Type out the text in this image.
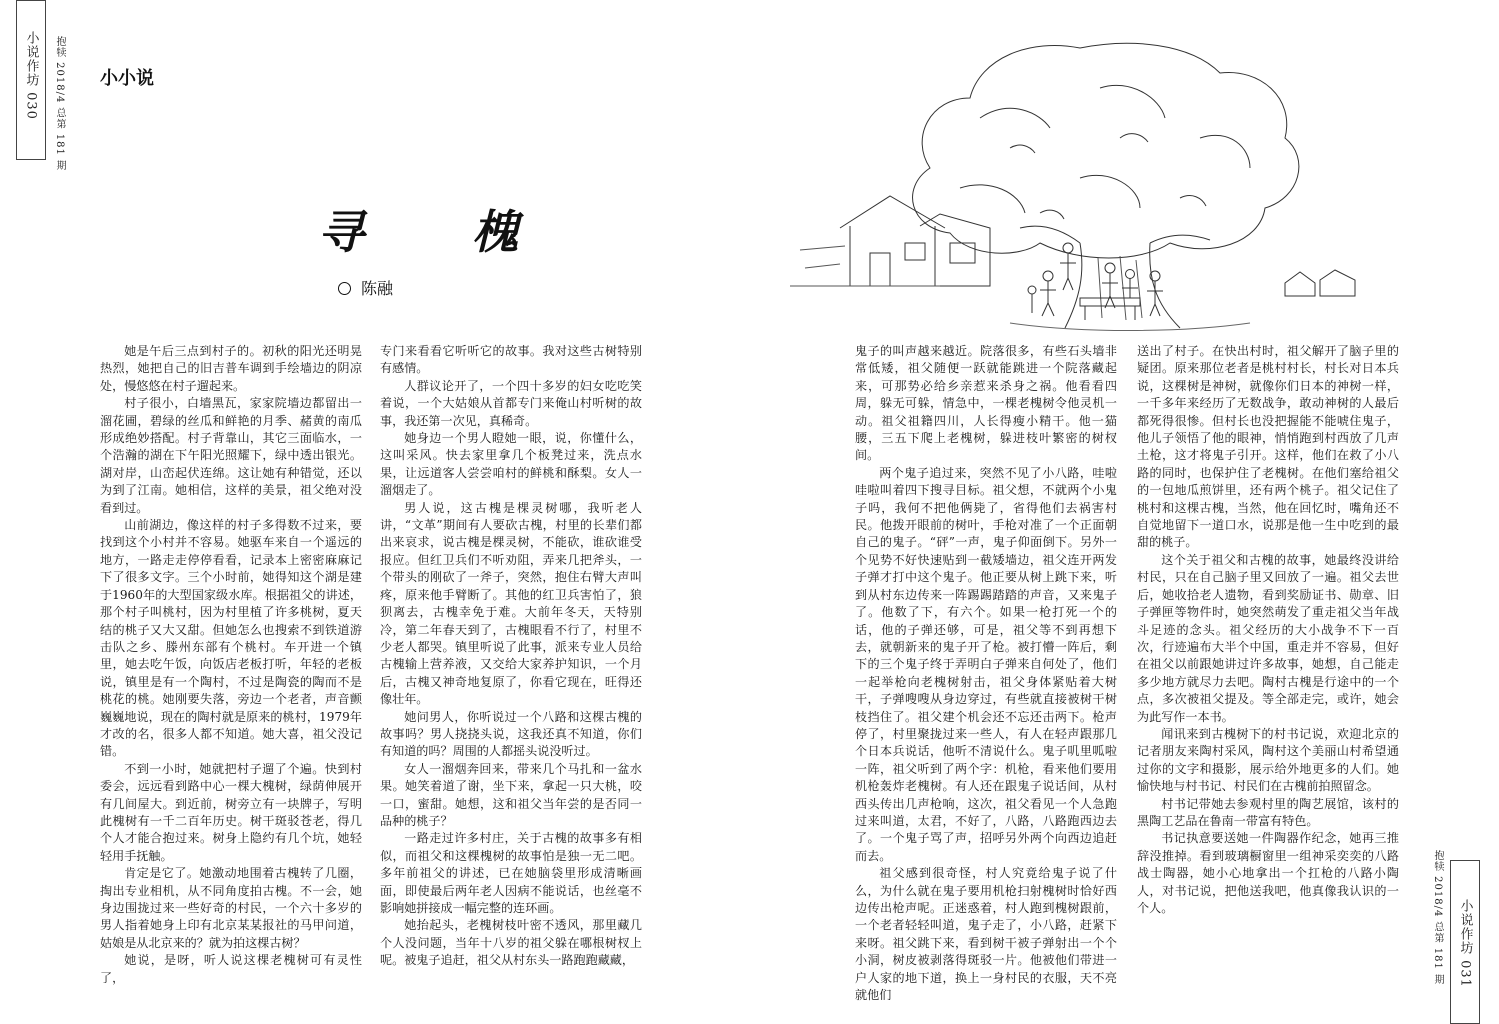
小说作坊 030 抱犊 2018/4 总第 181 期 小小说
寻 槐
陈融

她是午后三点到村子的。初秋的阳光还明晃热烈，她把自己的旧吉普车调到手绘墙边的阴凉处，慢悠悠在村子遛起来。

村子很小，白墙黑瓦，家家院墙边都留出一溜花圃，碧绿的丝瓜和鲜艳的月季、赭黄的南瓜形成绝妙搭配。村子背靠山，其它三面临水，一个浩瀚的湖在下午阳光照耀下，绿中透出银光。湖对岸，山峦起伏连绵。这让她有种错觉，还以为到了江南。她相信，这样的美景，祖父绝对没看到过。

山前湖边，像这样的村子多得数不过来，要找到这个小村并不容易。她驱车来自一个遥远的地方，一路走走停停看看，记录本上密密麻麻记下了很多文字。三个小时前，她得知这个湖是建于1960年的大型国家级水库。根据祖父的讲述，那个村子叫桃村，因为村里植了许多桃树，夏天结的桃子又大又甜。但她怎么也搜索不到铁道游击队之乡、滕州东部有个桃村。车开进一个镇里，她去吃午饭，向饭店老板打听，年轻的老板说，镇里是有一个陶村，不过是陶瓷的陶而不是桃花的桃。她刚要失落，旁边一个老者，声音颤巍巍地说，现在的陶村就是原来的桃村，1979年才改的名，很多人都不知道。她大喜，祖父没记错。

不到一小时，她就把村子遛了个遍。快到村委会，远远看到路中心一棵大槐树，绿荫伸展开有几间屋大。到近前，树旁立有一块牌子，写明此槐树有一千二百年历史。树干斑驳苍老，得几个人才能合抱过来。树身上隐约有几个坑，她轻轻用手抚触。

肯定是它了。她激动地围着古槐转了几圈，掏出专业相机，从不同角度拍古槐。不一会，她身边围拢过来一些好奇的村民，一个六十多岁的男人指着她身上印有北京某某报社的马甲问道，姑娘是从北京来的？就为拍这棵古树？

她说，是呀，听人说这棵老槐树可有灵性了，

专门来看看它听听它的故事。我对这些古树特别有感情。

人群议论开了，一个四十多岁的妇女吃吃笑着说，一个大姑娘从首都专门来俺山村听树的故事，我还第一次见，真稀奇。

她身边一个男人瞪她一眼，说，你懂什么，这叫采风。快去家里拿几个板凳过来，洗点水果，让远道客人尝尝咱村的鲜桃和酥梨。女人一溜烟走了。

男人说，这古槐是棵灵树哪，我听老人讲，“文革”期间有人要砍古槐，村里的长辈们都出来哀求，说古槐是棵灵树，不能砍，谁砍谁受报应。但红卫兵们不听劝阻，弄来几把斧头，一个带头的刚砍了一斧子，突然，抱住右臂大声叫疼，原来他手臂断了。其他的红卫兵害怕了，狼狈离去，古槐幸免于难。大前年冬天，天特别冷，第二年春天到了，古槐眼看不行了，村里不少老人都哭。镇里听说了此事，派来专业人员给古槐输上营养液，又交给大家养护知识，一个月后，古槐又神奇地复原了，你看它现在，旺得还像壮年。

她问男人，你听说过一个八路和这棵古槐的故事吗？男人挠挠头说，这我还真不知道，你们有知道的吗？周围的人都摇头说没听过。

女人一溜烟奔回来，带来几个马扎和一盆水果。她笑着道了谢，坐下来，拿起一只大桃，咬一口，蜜甜。她想，这和祖父当年尝的是否同一品种的桃子？

一路走过许多村庄，关于古槐的故事多有相似，而祖父和这棵槐树的故事怕是独一无二吧。多年前祖父的讲述，已在她脑袋里形成清晰画面，即使最后两年老人因病不能说话，也丝毫不影响她拼接成一幅完整的连环画。

她抬起头，老槐树枝叶密不透风，那里藏几个人没问题，当年十八岁的祖父躲在哪根树杈上呢。被鬼子追赶，祖父从村东头一路跑跑藏藏，

鬼子的叫声越来越近。院落很多，有些石头墙非常低矮，祖父随便一跃就能跳进一个院落藏起来，可那势必给乡亲惹来杀身之祸。他看看四周，躲无可躲，情急中，一棵老槐树令他灵机一动。祖父祖籍四川，人长得瘦小精干。他一猫腰，三五下爬上老槐树，躲进枝叶繁密的树杈间。

两个鬼子追过来，突然不见了小八路，哇啦哇啦叫着四下搜寻目标。祖父想，不就两个小鬼子吗，我何不把他俩毙了，省得他们去祸害村民。他拨开眼前的树叶，手枪对准了一个正面朝自己的鬼子。“砰”一声，鬼子仰面倒下。另外一个见势不好快速贴到一截矮墙边，祖父连开两发子弹才打中这个鬼子。他正要从树上跳下来，听到从村东边传来一阵踢踢踏踏的声音，又来鬼子了。他数了下，有六个。如果一枪打死一个的话，他的子弹还够，可是，祖父等不到再想下去，就朝新来的鬼子开了枪。被打懵一阵后，剩下的三个鬼子终于弄明白子弹来自何处了，他们一起举枪向老槐树射击，祖父身体紧贴着大树干，子弹嗖嗖从身边穿过，有些就直接被树干树枝挡住了。祖父建个机会还不忘还击两下。枪声停了，村里聚拢过来一些人，有人在轻声跟那几个日本兵说话，他听不清说什么。鬼子叽里呱啦一阵，祖父听到了两个字：机枪，看来他们要用机枪轰炸老槐树。有人还在跟鬼子说话间，从村西头传出几声枪响，这次，祖父看见一个人急跑过来叫道，太君，不好了，八路，八路跑西边去了。一个鬼子骂了声，招呼另外两个向西边追赶而去。

祖父感到很奇怪，村人究竟给鬼子说了什么，为什么就在鬼子要用机枪扫射槐树时恰好西边传出枪声呢。正迷惑着，村人跑到槐树跟前，一个老者轻轻叫道，鬼子走了，小八路，赶紧下来呀。祖父跳下来，看到树干被子弹射出一个个小洞，树皮被剥落得斑驳一片。他被他们带进一户人家的地下道，换上一身村民的衣服，天不亮就他们

送出了村子。在快出村时，祖父解开了脑子里的疑团。原来那位老者是桃村村长，村长对日本兵说，这棵树是神树，就像你们日本的神树一样，一千多年来经历了无数战争，敢动神树的人最后都死得很惨。但村长也没把握能不能唬住鬼子，他儿子领悟了他的眼神，悄悄跑到村西放了几声土枪，这才将鬼子引开。这样，他们在救了小八路的同时，也保护住了老槐树。在他们塞给祖父的一包地瓜煎饼里，还有两个桃子。祖父记住了桃村和这棵古槐，当然，他在回忆时，嘴角还不自觉地留下一道口水，说那是他一生中吃到的最甜的桃子。

这个关于祖父和古槐的故事，她最终没讲给村民，只在自己脑子里又回放了一遍。祖父去世后，她收拾老人遗物，看到奖励证书、勋章、旧子弹匣等物件时，她突然萌发了重走祖父当年战斗足迹的念头。祖父经历的大小战争不下一百次，行迹遍布大半个中国，重走并不容易，但好在祖父以前跟她讲过许多故事，她想，自己能走多少地方就尽力去吧。陶村古槐是行途中的一个点，多次被祖父提及。等全部走完，或许，她会为此写作一本书。

闻讯来到古槐树下的村书记说，欢迎北京的记者朋友来陶村采风，陶村这个美丽山村希望通过你的文字和摄影，展示给外地更多的人们。她愉快地与村书记、村民们在古槐前拍照留念。

村书记带她去参观村里的陶艺展馆，该村的黑陶工艺品在鲁南一带富有特色。

书记执意要送她一件陶器作纪念，她再三推辞没推掉。看到玻璃橱窗里一组神采奕奕的八路战士陶器，她小心地拿出一个扛枪的八路小陶人，对书记说，把他送我吧，他真像我认识的一个人。	抱犊 2018/4 总第 181 期 小说作坊 031
